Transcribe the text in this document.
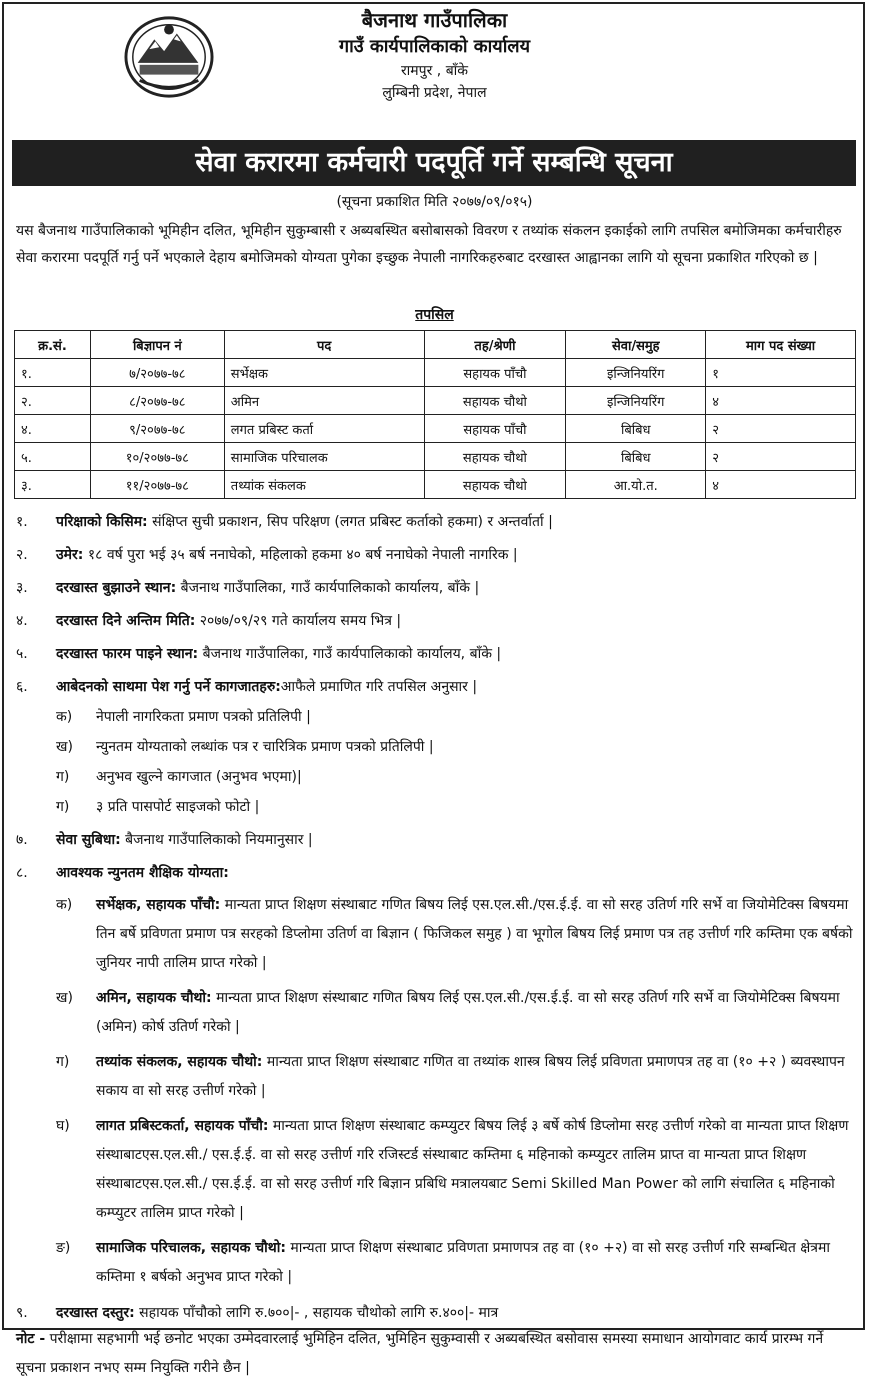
बैजनाथ गाउँपालिका
गाउँ कार्यपालिकाको कार्यालय
रामपुर , बाँके
लुम्बिनी प्रदेश, नेपाल
सेवा करारमा कर्मचारी पदपूर्ति गर्ने सम्बन्धि सूचना
(सूचना प्रकाशित मिति २०७७/०९/०१५)
यस बैजनाथ गाउँपालिकाको भूमिहीन दलित, भूमिहीन सुकुम्बासी र अब्यबस्थित बसोबासको विवरण र तथ्यांक संकलन इकाईको लागि तपसिल बमोजिमका कर्मचारीहरु सेवा करारमा पदपूर्ति गर्नु पर्ने भएकाले देहाय बमोजिमको योग्यता पुगेका इच्छुक नेपाली नागरिकहरुबाट दरखास्त आह्वानका लागि यो सूचना प्रकाशित गरिएको छ |
तपसिल
क्र.सं.	बिज्ञापन नं	पद	तह/श्रेणी	सेवा/समुह	माग पद संख्या
१.	७/२०७७-७८	सर्भेक्षक	सहायक पाँचौ	इन्जिनियरिंग	१
२.	८/२०७७-७८	अमिन	सहायक चौथो	इन्जिनियरिंग	४
४.	९/२०७७-७८	लगत प्रबिस्ट कर्ता	सहायक पाँचौ	बिबिध	२
५.	१०/२०७७-७८	सामाजिक परिचालक	सहायक चौथो	बिबिध	२
३.	११/२०७७-७८	तथ्यांक संकलक	सहायक चौथो	आ.यो.त.	४
१.	परिक्षाको किसिम: संक्षिप्त सुची प्रकाशन, सिप परिक्षण (लगत प्रबिस्ट कर्ताको हकमा) र अन्तर्वार्ता |
२.	उमेर: १८ वर्ष पुरा भई ३५ बर्ष ननाघेको, महिलाको हकमा ४० बर्ष ननाघेको नेपाली नागरिक |
३.	दरखास्त बुझाउने स्थान: बैजनाथ गाउँपालिका, गाउँ कार्यपालिकाको कार्यालय, बाँके |
४.	दरखास्त दिने अन्तिम मिति: २०७७/०९/२९ गते कार्यालय समय भित्र |
५.	दरखास्त फारम पाइने स्थान: बैजनाथ गाउँपालिका, गाउँ कार्यपालिकाको कार्यालय, बाँके |
६.	आबेदनको साथमा पेश गर्नु पर्ने कागजातहरु:आफैले प्रमाणित गरि तपसिल अनुसार |
क)	नेपाली नागरिकता प्रमाण पत्रको प्रतिलिपी |
ख)	न्युनतम योग्यताको लब्धांक पत्र र चारित्रिक प्रमाण पत्रको प्रतिलिपी |
ग)	अनुभव खुल्ने कागजात (अनुभव भएमा)|
ग)	३ प्रति पासपोर्ट साइजको फोटो |
७.	सेवा सुबिधा: बैजनाथ गाउँपालिकाको नियमानुसार |
८.	आवश्यक न्युनतम शैक्षिक योग्यता:
क)	सर्भेक्षक, सहायक पाँचौ: मान्यता प्राप्त शिक्षण संस्थाबाट गणित बिषय लिई एस.एल.सी./एस.ई.ई. वा सो सरह उतिर्ण गरि सर्भे वा जियोमेटिक्स बिषयमा तिन बर्षे प्रविणता प्रमाण पत्र सरहको डिप्लोमा उतिर्ण वा बिज्ञान ( फिजिकल समुह ) वा भूगोल बिषय लिई प्रमाण पत्र तह उत्तीर्ण गरि कम्तिमा एक बर्षको जुनियर नापी तालिम प्राप्त गरेको |
ख)	अमिन, सहायक चौथो: मान्यता प्राप्त शिक्षण संस्थाबाट गणित बिषय लिई एस.एल.सी./एस.ई.ई. वा सो सरह उतिर्ण गरि सर्भे वा जियोमेटिक्स बिषयमा (अमिन) कोर्ष उतिर्ण गरेको |
ग)	तथ्यांक संकलक, सहायक चौथो: मान्यता प्राप्त शिक्षण संस्थाबाट गणित वा तथ्यांक शास्त्र बिषय लिई प्रविणता प्रमाणपत्र तह वा (१० +२ ) ब्यवस्थापन सकाय वा सो सरह उत्तीर्ण गरेको |
घ)	लागत प्रबिस्टकर्ता, सहायक पाँचौ: मान्यता प्राप्त शिक्षण संस्थाबाट कम्प्युटर बिषय लिई ३ बर्षे कोर्ष डिप्लोमा सरह उत्तीर्ण गरेको वा मान्यता प्राप्त शिक्षण संस्थाबाटएस.एल.सी./ एस.ई.ई. वा सो सरह उत्तीर्ण गरि रजिस्टर्ड संस्थाबाट कम्तिमा ६ महिनाको कम्प्युटर तालिम प्राप्त वा मान्यता प्राप्त शिक्षण संस्थाबाटएस.एल.सी./ एस.ई.ई. वा सो सरह उत्तीर्ण गरि बिज्ञान प्रबिधि मत्रालयबाट Semi Skilled Man Power को लागि संचालित ६ महिनाको कम्प्युटर तालिम प्राप्त गरेको |
ङ)	सामाजिक परिचालक, सहायक चौथो: मान्यता प्राप्त शिक्षण संस्थाबाट प्रविणता प्रमाणपत्र तह वा (१० +२) वा सो सरह उत्तीर्ण गरि सम्बन्धित क्षेत्रमा कम्तिमा १ बर्षको अनुभव प्राप्त गरेको |
९.	दरखास्त दस्तुर: सहायक पाँचौको लागि रु.७००|- , सहायक चौथोको लागि रु.४००|- मात्र
नोट - परीक्षामा सहभागी भई छनोट भएका उम्मेदवारलाई भुमिहिन दलित, भुमिहिन सुकुम्वासी र अब्यबस्थित बसोवास समस्या समाधान आयोगवाट कार्य प्रारम्भ गर्ने सूचना प्रकाशन नभए सम्म नियुक्ति गरीने छैन |
